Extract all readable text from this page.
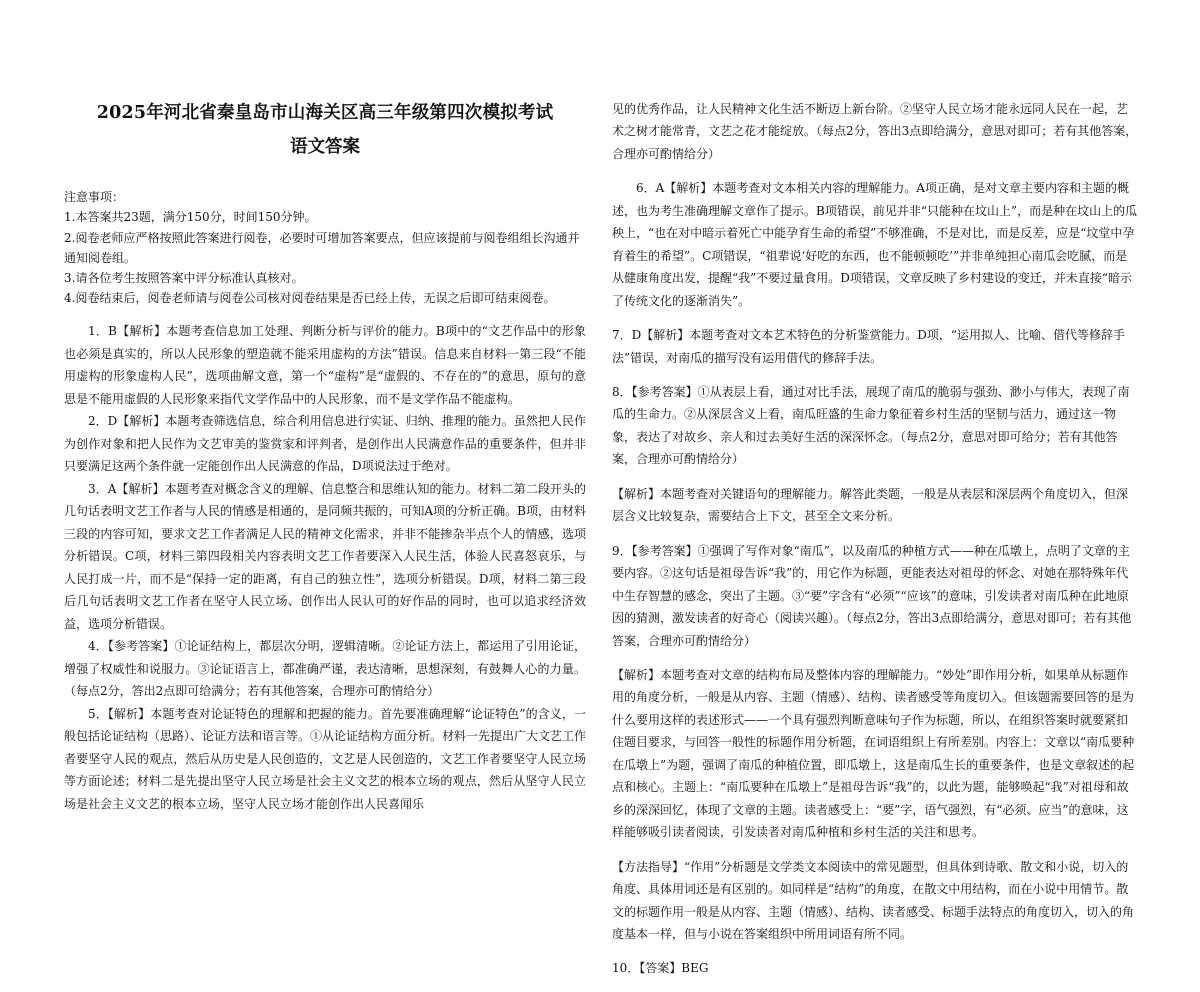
2025年河北省秦皇岛市山海关区高三年级第四次模拟考试
语文答案

注意事项：

1.本答案共23题，满分150分，时间150分钟。

2.阅卷老师应严格按照此答案进行阅卷，必要时可增加答案要点，但应该提前与阅卷组组长沟通并通知阅卷组。

3.请各位考生按照答案中评分标准认真核对。

4.阅卷结束后，阅卷老师请与阅卷公司核对阅卷结果是否已经上传，无误之后即可结束阅卷。

1．B【解析】本题考查信息加工处理、判断分析与评价的能力。B项中的“文艺作品中的形象也必须是真实的，所以人民形象的塑造就不能采用虚构的方法”错误。信息来自材料一第三段“不能用虚构的形象虚构人民”，选项曲解文意，第一个“虚构”是“虚假的、不存在的”的意思，原句的意思是不能用虚假的人民形象来指代文学作品中的人民形象，而不是文学作品不能虚构。

2．D【解析】本题考查筛选信息，综合利用信息进行实证、归纳、推理的能力。虽然把人民作为创作对象和把人民作为文艺审美的鉴赏家和评判者，是创作出人民满意作品的重要条件，但并非只要满足这两个条件就一定能创作出人民满意的作品，D项说法过于绝对。

3．A【解析】本题考查对概念含义的理解、信息整合和思维认知的能力。材料二第二段开头的几句话表明文艺工作者与人民的情感是相通的，是同频共振的，可知A项的分析正确。B项，由材料三段的内容可知，要求文艺工作者满足人民的精神文化需求，并非不能掺杂半点个人的情感，选项分析错误。C项，材料三第四段相关内容表明文艺工作者要深入人民生活，体验人民喜怒哀乐，与人民打成一片，而不是“保持一定的距离，有自己的独立性”，选项分析错误。D项，材料二第三段后几句话表明文艺工作者在坚守人民立场、创作出人民认可的好作品的同时，也可以追求经济效益，选项分析错误。

4．【参考答案】①论证结构上，都层次分明，逻辑清晰。②论证方法上，都运用了引用论证，增强了权威性和说服力。③论证语言上，都准确严谨，表达清晰，思想深刻，有鼓舞人心的力量。（每点2分，答出2点即可给满分；若有其他答案，合理亦可酌情给分）

5．【解析】本题考查对论证特色的理解和把握的能力。首先要准确理解“论证特色”的含义，一般包括论证结构（思路）、论证方法和语言等。①从论证结构方面分析。材料一先提出广大文艺工作者要坚守人民的观点，然后从历史是人民创造的，文艺是人民创造的，文艺工作者要坚守人民立场等方面论述；材料二是先提出坚守人民立场是社会主义文艺的根本立场的观点，然后从坚守人民立场是社会主义文艺的根本立场，坚守人民立场才能创作出人民喜闻乐

见的优秀作品，让人民精神文化生活不断迈上新台阶。②坚守人民立场才能永远同人民在一起，艺术之树才能常青，文艺之花才能绽放。（每点2分，答出3点即给满分，意思对即可；若有其他答案，合理亦可酌情给分）

6．A【解析】本题考查对文本相关内容的理解能力。A项正确，是对文章主要内容和主题的概述，也为考生准确理解文章作了提示。B项错误，前见并非“只能种在坟山上”，而是种在坟山上的瓜秧上，“也在对中暗示着死亡中能孕育生命的希望”不够准确，不是对比，而是反差，应是“坟堂中孕育着生的希望”。C项错误，“祖辈说‘好吃的东西，也不能顿顿吃’”并非单纯担心南瓜会吃腻，而是从健康角度出发，提醒“我”不要过量食用。D项错误，文章反映了乡村建设的变迁，并未直接“暗示了传统文化的逐渐消失”。

7．D【解析】本题考查对文本艺术特色的分析鉴赏能力。D项，“运用拟人、比喻、借代等修辞手法”错误，对南瓜的描写没有运用借代的修辞手法。

8．【参考答案】①从表层上看，通过对比手法，展现了南瓜的脆弱与强劲、渺小与伟大，表现了南瓜的生命力。②从深层含义上看，南瓜旺盛的生命力象征着乡村生活的坚韧与活力，通过这一物象，表达了对故乡、亲人和过去美好生活的深深怀念。（每点2分，意思对即可给分；若有其他答案，合理亦可酌情给分）

【解析】本题考查对关键语句的理解能力。解答此类题，一般是从表层和深层两个角度切入，但深层含义比较复杂，需要结合上下文，甚至全文来分析。

9．【参考答案】①强调了写作对象“南瓜”，以及南瓜的种植方式——种在瓜墩上，点明了文章的主要内容。②这句话是祖母告诉“我”的，用它作为标题，更能表达对祖母的怀念、对她在那特殊年代中生存智慧的感念，突出了主题。③“要”字含有“必须”“应该”的意味，引发读者对南瓜种在此地原因的猜测，激发读者的好奇心（阅读兴趣）。（每点2分，答出3点即给满分，意思对即可；若有其他答案，合理亦可酌情给分）

【解析】本题考查对文章的结构布局及整体内容的理解能力。“妙处”即作用分析，如果单从标题作用的角度分析，一般是从内容、主题（情感）、结构、读者感受等角度切入。但该题需要回答的是为什么要用这样的表述形式——一个具有强烈判断意味句子作为标题，所以，在组织答案时就要紧扣住题目要求，与回答一般性的标题作用分析题，在词语组织上有所差别。内容上：文章以“南瓜要种在瓜墩上”为题，强调了南瓜的种植位置，即瓜墩上，这是南瓜生长的重要条件，也是文章叙述的起点和核心。主题上：“南瓜要种在瓜墩上”是祖母告诉“我”的，以此为题，能够唤起“我”对祖母和故乡的深深回忆，体现了文章的主题。读者感受上：“要”字，语气强烈，有“必须、应当”的意味，这样能够吸引读者阅读，引发读者对南瓜种植和乡村生活的关注和思考。

【方法指导】“作用”分析题是文学类文本阅读中的常见题型，但具体到诗歌、散文和小说，切入的角度、具体用词还是有区别的。如同样是“结构”的角度，在散文中用结构，而在小说中用情节。散文的标题作用一般是从内容、主题（情感）、结构、读者感受、标题手法特点的角度切入，切入的角度基本一样，但与小说在答案组织中所用词语有所不同。

10．【答案】BEG
